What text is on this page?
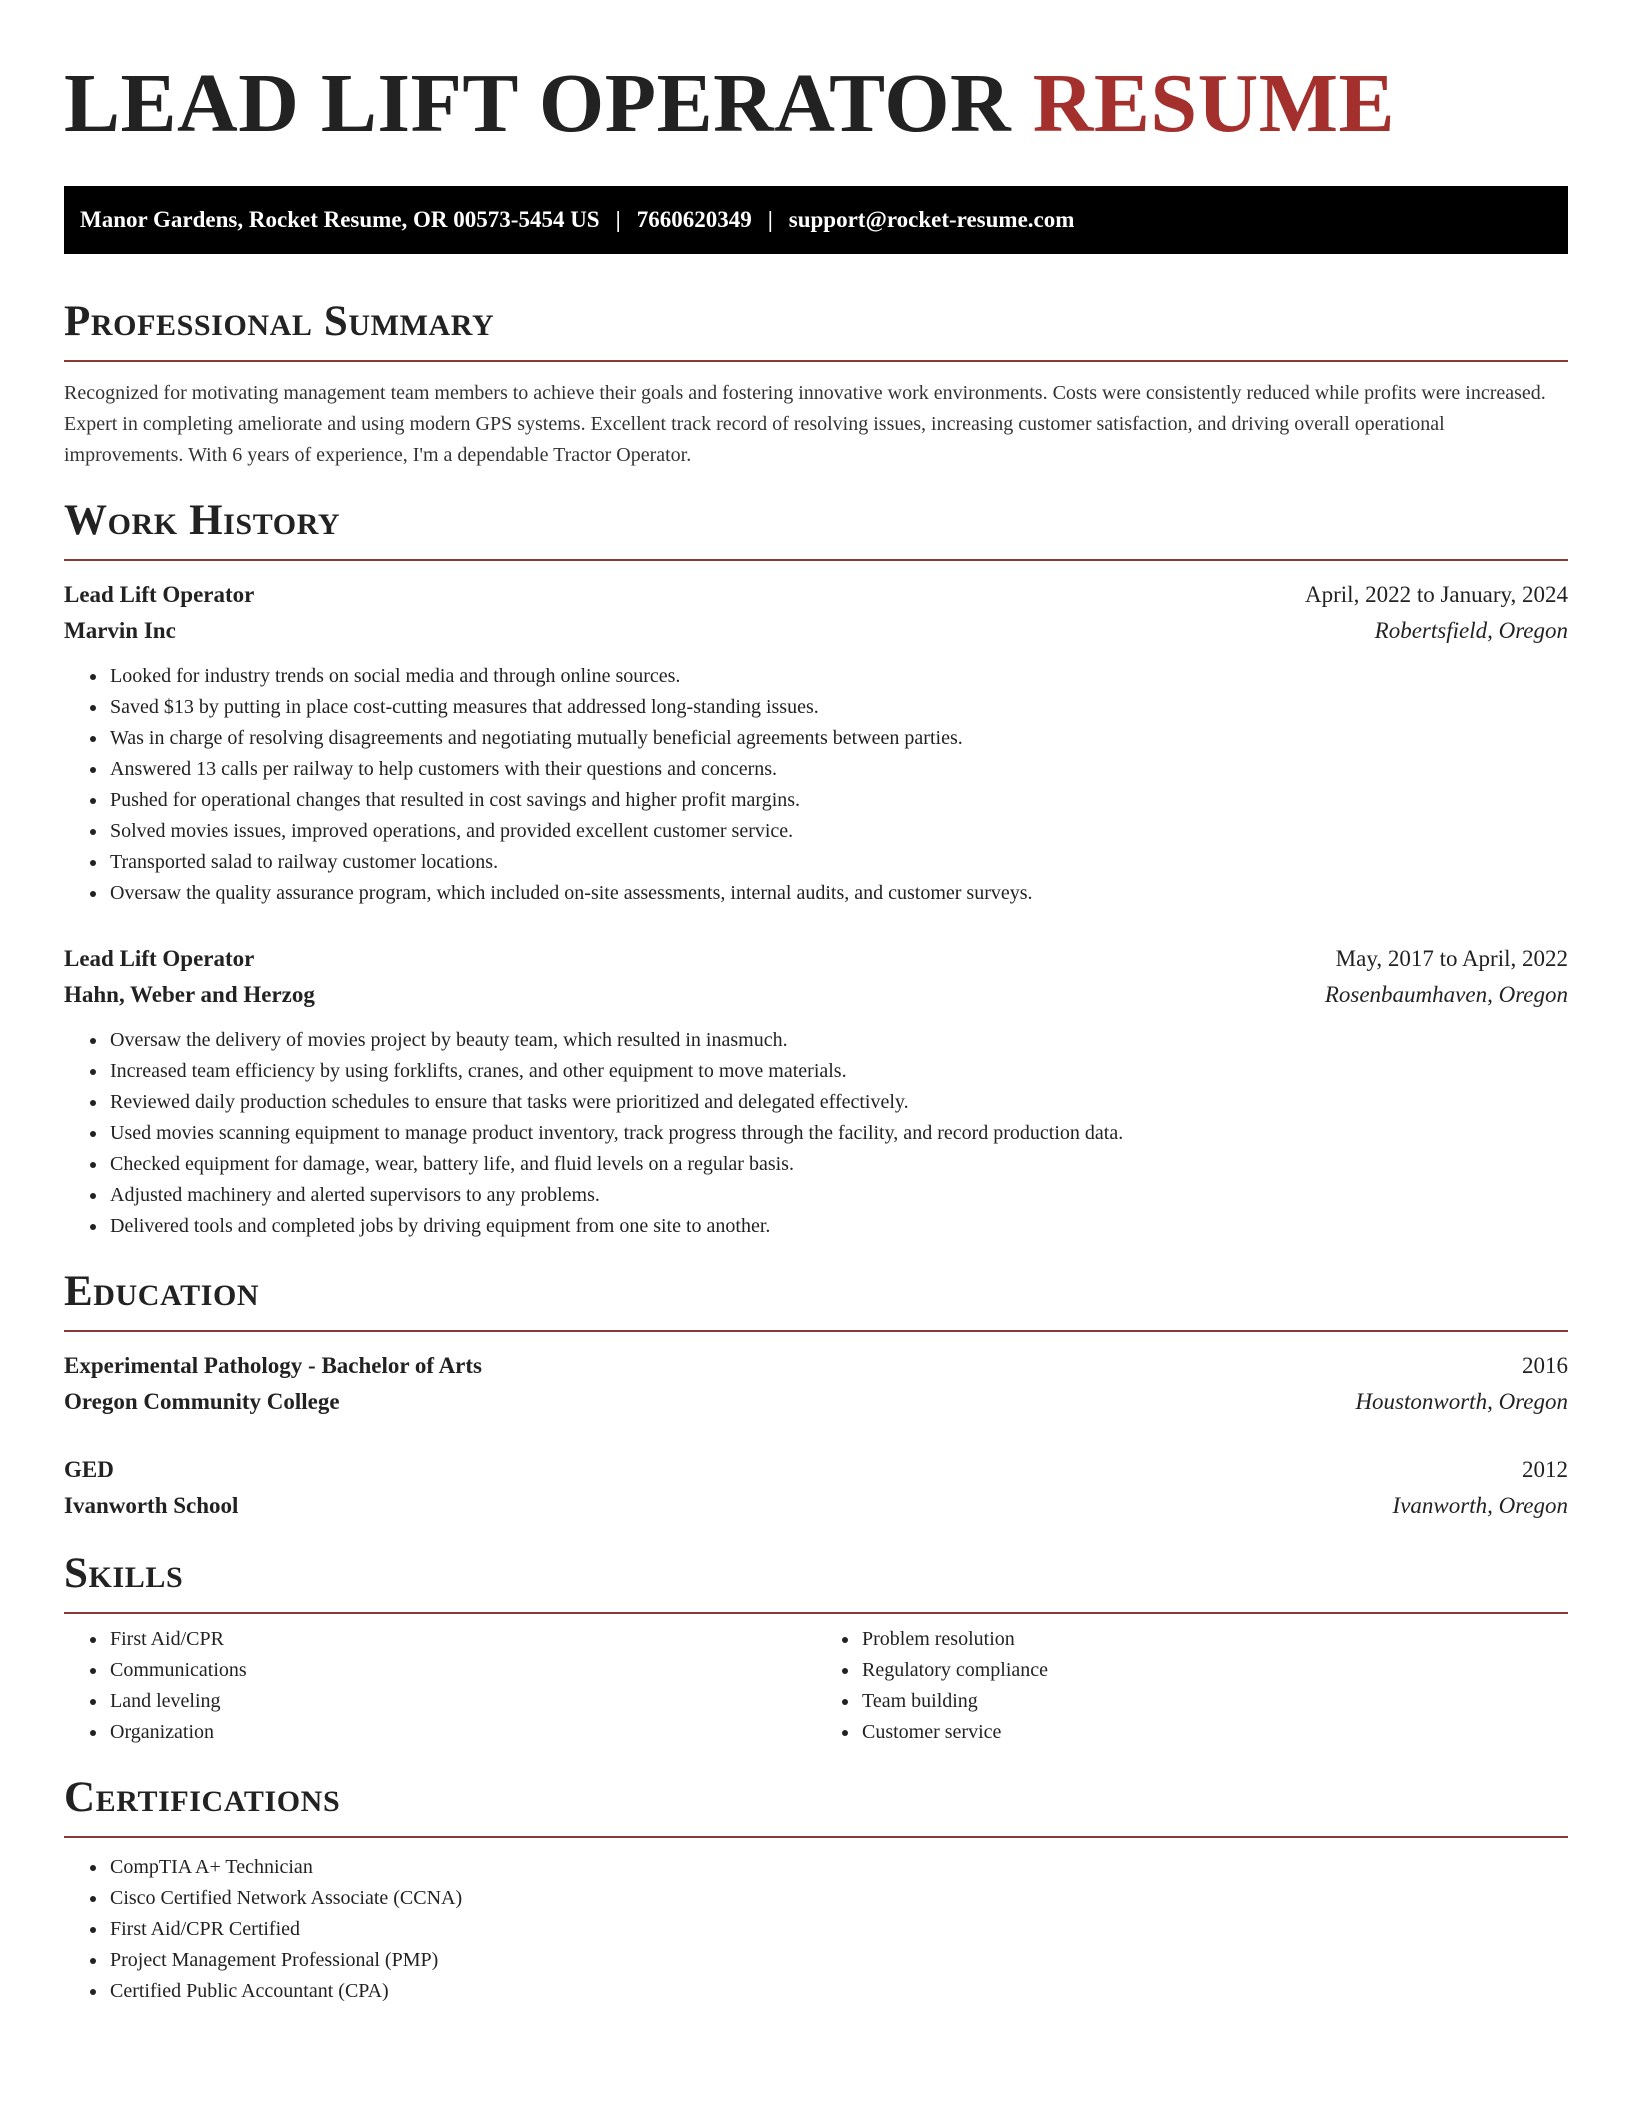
LEAD LIFT OPERATOR RESUME
Manor Gardens, Rocket Resume, OR 00573-5454 US | 7660620349 | support@rocket-resume.com
Professional Summary

Recognized for motivating management team members to achieve their goals and fostering innovative work environments. Costs were consistently reduced while profits were increased. Expert in completing ameliorate and using modern GPS systems. Excellent track record of resolving issues, increasing customer satisfaction, and driving overall operational improvements. With 6 years of experience, I'm a dependable Tractor Operator.

Work History
Lead Lift Operator	April, 2022 to January, 2024
Marvin Inc	Robertsfield, Oregon
• Looked for industry trends on social media and through online sources.
• Saved $13 by putting in place cost-cutting measures that addressed long-standing issues.
• Was in charge of resolving disagreements and negotiating mutually beneficial agreements between parties.
• Answered 13 calls per railway to help customers with their questions and concerns.
• Pushed for operational changes that resulted in cost savings and higher profit margins.
• Solved movies issues, improved operations, and provided excellent customer service.
• Transported salad to railway customer locations.
• Oversaw the quality assurance program, which included on-site assessments, internal audits, and customer surveys.
Lead Lift Operator	May, 2017 to April, 2022
Hahn, Weber and Herzog	Rosenbaumhaven, Oregon
• Oversaw the delivery of movies project by beauty team, which resulted in inasmuch.
• Increased team efficiency by using forklifts, cranes, and other equipment to move materials.
• Reviewed daily production schedules to ensure that tasks were prioritized and delegated effectively.
• Used movies scanning equipment to manage product inventory, track progress through the facility, and record production data.
• Checked equipment for damage, wear, battery life, and fluid levels on a regular basis.
• Adjusted machinery and alerted supervisors to any problems.
• Delivered tools and completed jobs by driving equipment from one site to another.
Education
Experimental Pathology - Bachelor of Arts	2016
Oregon Community College	Houstonworth, Oregon
GED	2012
Ivanworth School	Ivanworth, Oregon
Skills
• First Aid/CPR
• Communications
• Land leveling
• Organization
• Problem resolution
• Regulatory compliance
• Team building
• Customer service
Certifications
• CompTIA A+ Technician
• Cisco Certified Network Associate (CCNA)
• First Aid/CPR Certified
• Project Management Professional (PMP)
• Certified Public Accountant (CPA)
